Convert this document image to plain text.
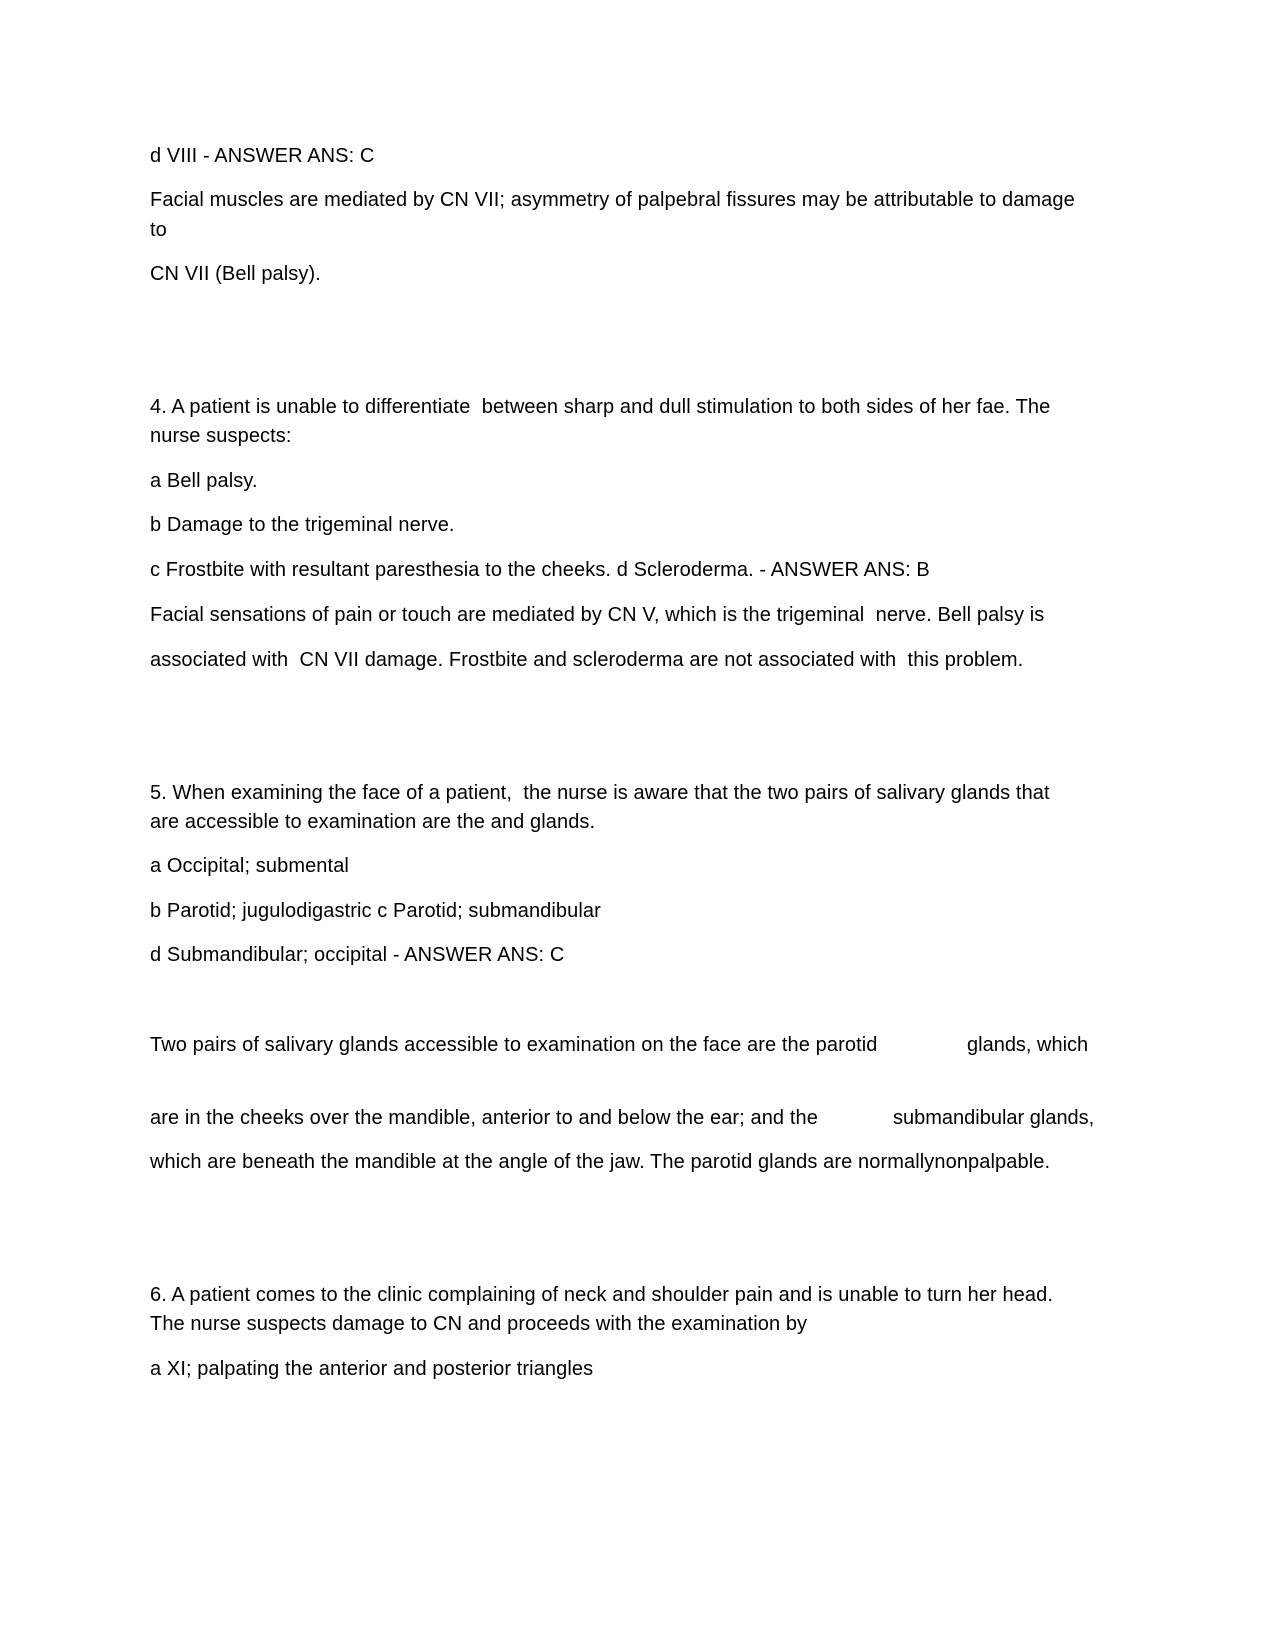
d VIII - ANSWER ANS: C
Facial muscles are mediated by CN VII; asymmetry of palpebral fissures may be attributable to damage
to
CN VII (Bell palsy).
4. A patient is unable to differentiate  between sharp and dull stimulation to both sides of her fae. The
nurse suspects:
a Bell palsy.
b Damage to the trigeminal nerve.
c Frostbite with resultant paresthesia to the cheeks. d Scleroderma. - ANSWER ANS: B
Facial sensations of pain or touch are mediated by CN V, which is the trigeminal  nerve. Bell palsy is
associated with  CN VII damage. Frostbite and scleroderma are not associated with  this problem.
5. When examining the face of a patient,  the nurse is aware that the two pairs of salivary glands that
are accessible to examination are the and glands.
a Occipital; submental
b Parotid; jugulodigastric c Parotid; submandibular
d Submandibular; occipital - ANSWER ANS: C
Two pairs of salivary glands accessible to examination on the face are the parotid	glands, which
are in the cheeks over the mandible, anterior to and below the ear; and the	submandibular glands,
which are beneath the mandible at the angle of the jaw. The parotid glands are normallynonpalpable.
6. A patient comes to the clinic complaining of neck and shoulder pain and is unable to turn her head.
The nurse suspects damage to CN and proceeds with the examination by
a XI; palpating the anterior and posterior triangles
